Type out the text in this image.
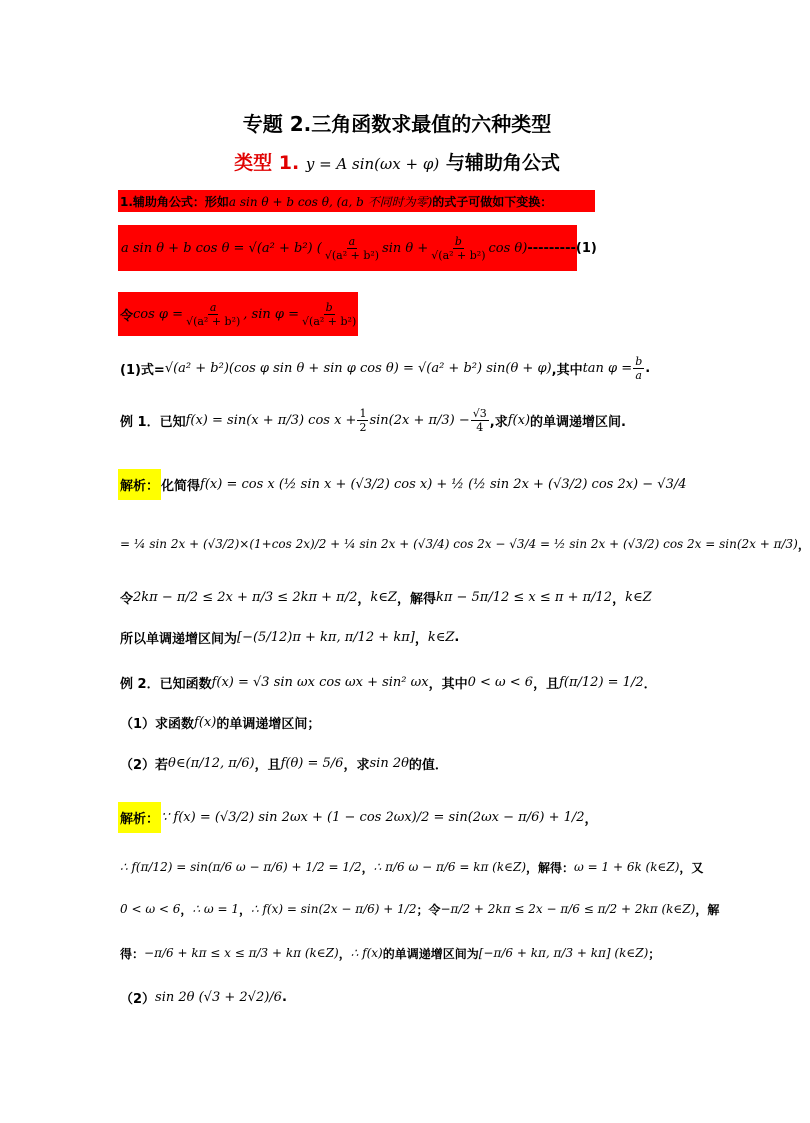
专题 2.三角函数求最值的六种类型
类型 1. y = A sin(ωx + φ) 与辅助角公式
1.辅助角公式：形如a sin θ + b cos θ, (a, b 不同时为零)的式子可做如下变换：
a sin θ + b cos θ = √(a² + b²) ( $\frac{a}{\text{√(a² + b²)}}$ $\sin \theta + \frac{b}{\text{√(a² + b²)}}$ cos θ) ---------(1)
令 $\cos \varphi = \frac{a}{\text{√(a² + b²)}}$ , $\sin \varphi = \frac{b}{\text{√(a² + b²)}}$
(1)式= √(a² + b²)(cos φ sin θ + sin φ cos θ) = √(a² + b²) sin(θ + φ) ,其中 $\tan \varphi = \frac{b}{a}$ .
例 1．已知 f(x) = sin(x + π/3) $\cos x + \frac{1}{2} \sin(2x + \pi/3) - \frac{√3}{4}$ ,求 f(x) 的单调递增区间.
解析： 化简得 f(x) = cos x (½ sin x + (√3/2) cos x) + ½ (½ sin 2x + (√3/2) cos 2x) − √3/4
= ¼ sin 2x + (√3/2)×(1+cos 2x)/2 + ¼ sin 2x + (√3/4) cos 2x − √3/4 = ½ sin 2x + (√3/2) cos 2x = sin(2x + π/3) ，
令 2kπ − π/2 ≤ 2x + π/3 ≤ 2kπ + π/2 ， k∈Z ，解得 kπ − 5π/12 ≤ x ≤ π + π/12 ， k∈Z
所以单调递增区间为 [−(5/12)π + kπ, π/12 + kπ] ， k∈Z .
例 2．已知函数 f(x) = √3 sin ωx cos ωx + sin² ωx ，其中 0 < ω < 6 ，且 f(π/12) = 1/2 ．
（1）求函数 f(x) 的单调递增区间；
（2）若 θ∈(π/12, π/6) ，且 f(θ) = 5/6 ，求 sin 2θ 的值．
解析： ∵ f(x) = (√3/2) sin 2ωx + (1 − cos 2ωx)/2 = sin(2ωx − π/6) + 1/2 ，
∴ f(π/12) = sin(π/6 ω − π/6) + 1/2 = 1/2 ， ∴ π/6 ω − π/6 = kπ (k∈Z) ，解得： ω = 1 + 6k (k∈Z) ，又
0 < ω < 6 ， ∴ ω = 1 ， ∴ f(x) = sin(2x − π/6) + 1/2 ；令 −π/2 + 2kπ ≤ 2x − π/6 ≤ π/2 + 2kπ (k∈Z) ，解
得： −π/6 + kπ ≤ x ≤ π/3 + kπ (k∈Z) ， ∴ f(x) 的单调递增区间为 [−π/6 + kπ, π/3 + kπ] (k∈Z) ；
（2） sin 2θ (√3 + 2√2)/6 .
